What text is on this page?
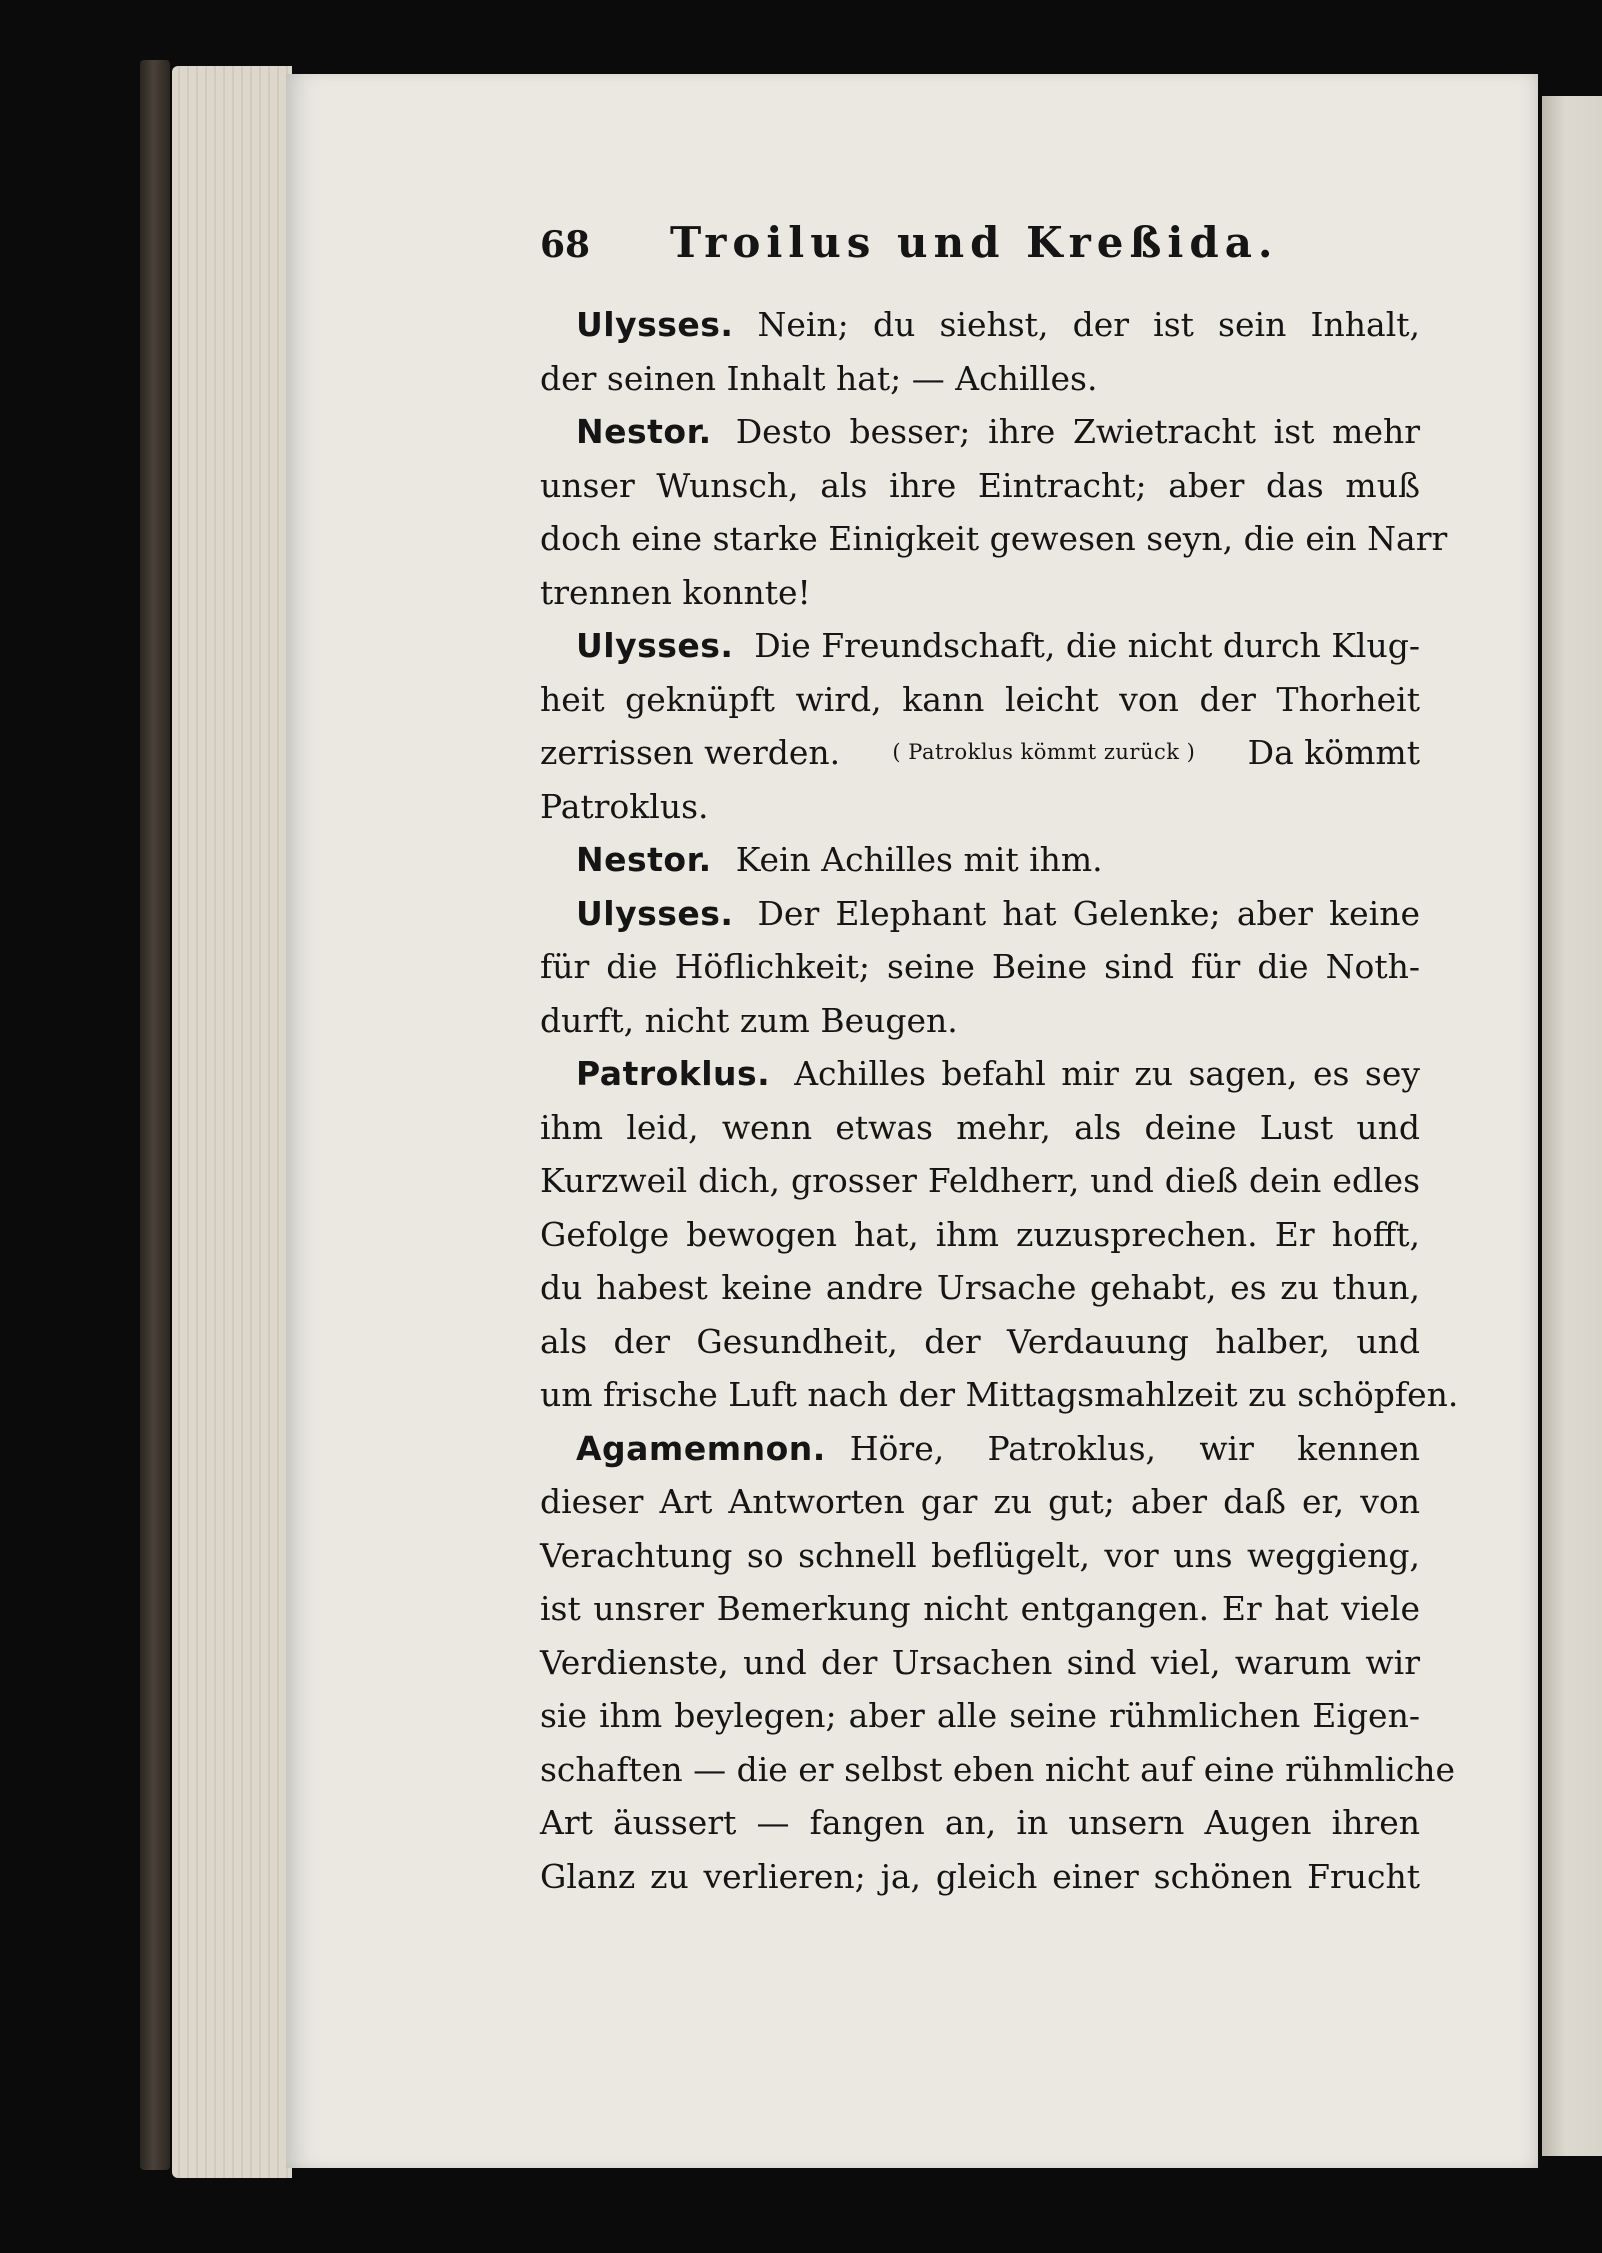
68	Troilus und Kreßida.
Ulysses. Nein; du siehst, der ist sein Inhalt,
der seinen Inhalt hat; — Achilles.
Nestor. Desto besser; ihre Zwietracht ist mehr
unser Wunsch, als ihre Eintracht; aber das muß
doch eine starke Einigkeit gewesen seyn, die ein Narr
trennen konnte!
Ulysses. Die Freundschaft, die nicht durch Klug-
heit geknüpft wird, kann leicht von der Thorheit
zerrissen werden. ( Patroklus kömmt zurück ) Da kömmt
Patroklus.
Nestor. Kein Achilles mit ihm.
Ulysses. Der Elephant hat Gelenke; aber keine
für die Höflichkeit; seine Beine sind für die Noth-
durft, nicht zum Beugen.
Patroklus. Achilles befahl mir zu sagen, es sey
ihm leid, wenn etwas mehr, als deine Lust und
Kurzweil dich, grosser Feldherr, und dieß dein edles
Gefolge bewogen hat, ihm zuzusprechen. Er hofft,
du habest keine andre Ursache gehabt, es zu thun,
als der Gesundheit, der Verdauung halber, und
um frische Luft nach der Mittagsmahlzeit zu schöpfen.
Agamemnon. Höre, Patroklus, wir kennen
dieser Art Antworten gar zu gut; aber daß er, von
Verachtung so schnell beflügelt, vor uns weggieng,
ist unsrer Bemerkung nicht entgangen. Er hat viele
Verdienste, und der Ursachen sind viel, warum wir
sie ihm beylegen; aber alle seine rühmlichen Eigen-
schaften — die er selbst eben nicht auf eine rühmliche
Art äussert — fangen an, in unsern Augen ihren
Glanz zu verlieren; ja, gleich einer schönen Frucht
